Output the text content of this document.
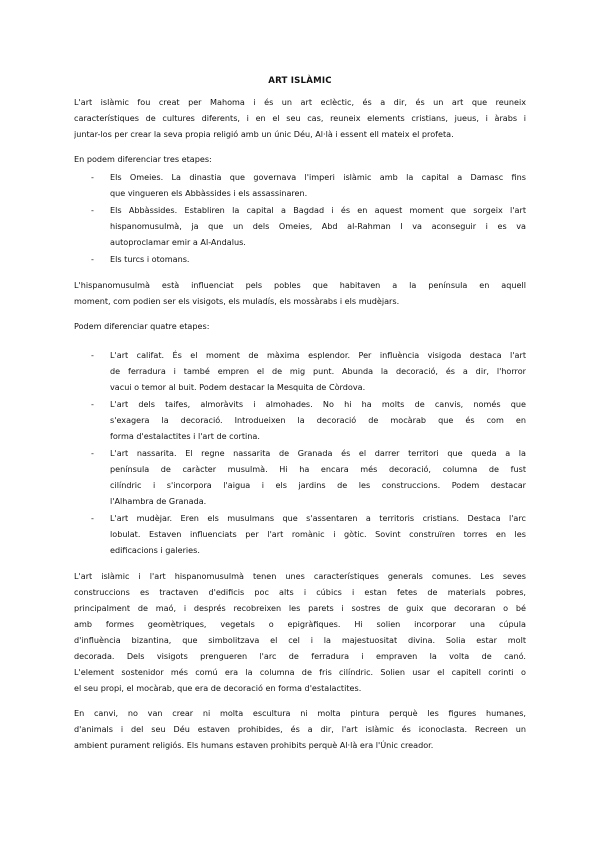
ART ISLÀMIC
L'art islàmic fou creat per Mahoma i és un art eclèctic, és a dir, és un art que reuneix
característiques de cultures diferents, i en el seu cas, reuneix elements cristians, jueus, i àrabs i
juntar-los per crear la seva propia religió amb un únic Déu, Al·là i essent ell mateix el profeta.
En podem diferenciar tres etapes:
- Els Omeies. La dinastia que governava l'imperi islàmic amb la capital a Damasc fins
que vingueren els Abbàssides i els assassinaren.
- Els Abbàssides. Establiren la capital a Bagdad i és en aquest moment que sorgeix l'art
hispanomusulmà, ja que un dels Omeies, Abd al-Rahman I va aconseguir i es va
autoproclamar emir a Al-Andalus.
- Els turcs i otomans.
L'hispanomusulmà està influenciat pels pobles que habitaven a la península en aquell
moment, com podien ser els visigots, els muladís, els mossàrabs i els mudèjars.
Podem diferenciar quatre etapes:
- L'art califat. És el moment de màxima esplendor. Per influència visigoda destaca l'art
de ferradura i també empren el de mig punt. Abunda la decoració, és a dir, l'horror
vacui o temor al buit. Podem destacar la Mesquita de Còrdova.
- L'art dels taifes, almoràvits i almohades. No hi ha molts de canvis, només que
s'exagera la decoració. Introdueixen la decoració de mocàrab que és com en
forma d'estalactites i l'art de cortina.
- L'art nassarita. El regne nassarita de Granada és el darrer territori que queda a la
península de caràcter musulmà. Hi ha encara més decoració, columna de fust
cilíndric i s'incorpora l'aigua i els jardins de les construccions. Podem destacar
l'Alhambra de Granada.
- L'art mudèjar. Eren els musulmans que s'assentaren a territoris cristians. Destaca l'arc
lobulat. Estaven influenciats per l'art romànic i gòtic. Sovint construïren torres en les
edificacions i galeries.
L'art islàmic i l'art hispanomusulmà tenen unes característiques generals comunes. Les seves
construccions es tractaven d'edificis poc alts i cúbics i estan fetes de materials pobres,
principalment de maó, i després recobreixen les parets i sostres de guix que decoraran o bé
amb formes geomètriques, vegetals o epigràfiques. Hi solien incorporar una cúpula
d'influència bizantina, que simbolitzava el cel i la majestuositat divina. Solia estar molt
decorada. Dels visigots prengueren l'arc de ferradura i empraven la volta de canó.
L'element sostenidor més comú era la columna de fris cilíndric. Solien usar el capitell corinti o
el seu propi, el mocàrab, que era de decoració en forma d'estalactites.
En canvi, no van crear ni molta escultura ni molta pintura perquè les figures humanes,
d'animals i del seu Déu estaven prohibides, és a dir, l'art islàmic és iconoclasta. Recreen un
ambient purament religiós. Els humans estaven prohibits perquè Al·là era l'Únic creador.
